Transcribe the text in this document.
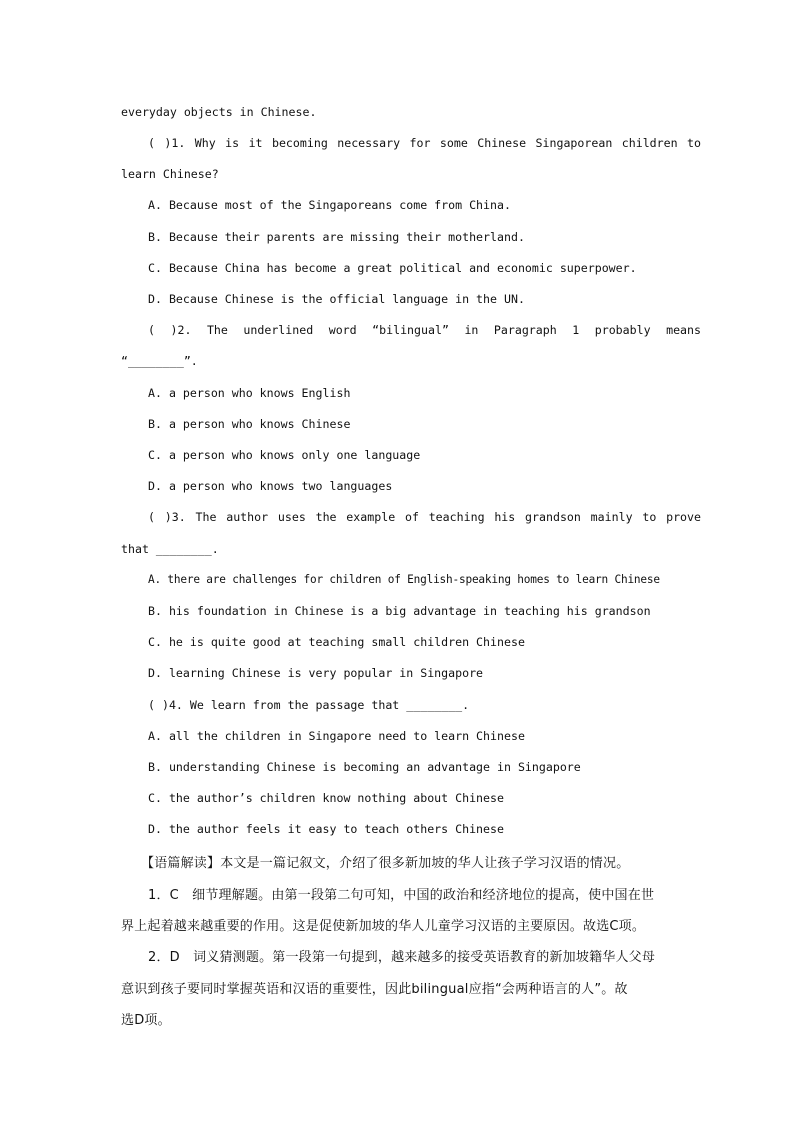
everyday objects in Chinese.
( )1. Why is it becoming necessary for some Chinese Singaporean children to
learn Chinese?
A. Because most of the Singaporeans come from China.
B. Because their parents are missing their motherland.
C. Because China has become a great political and economic superpower.
D. Because Chinese is the official language in the UN.
( )2. The underlined word “bilingual” in Paragraph 1 probably means
“________”.
A. a person who knows English
B. a person who knows Chinese
C. a person who knows only one language
D. a person who knows two languages
( )3. The author uses the example of teaching his grandson mainly to prove
that ________.
A. there are challenges for children of English-speaking homes to learn Chinese
B. his foundation in Chinese is a big advantage in teaching his grandson
C. he is quite good at teaching small children Chinese
D. learning Chinese is very popular in Singapore
( )4. We learn from the passage that ________.
A. all the children in Singapore need to learn Chinese
B. understanding Chinese is becoming an advantage in Singapore
C. the author’s children know nothing about Chinese
D. the author feels it easy to teach others Chinese
【语篇解读】本文是一篇记叙文，介绍了很多新加坡的华人让孩子学习汉语的情况。
1．C　细节理解题。由第一段第二句可知，中国的政治和经济地位的提高，使中国在世
界上起着越来越重要的作用。这是促使新加坡的华人儿童学习汉语的主要原因。故选C项。
2．D　词义猜测题。第一段第一句提到，越来越多的接受英语教育的新加坡籍华人父母
意识到孩子要同时掌握英语和汉语的重要性，因此bilingual应指“会两种语言的人”。故
选D项。
